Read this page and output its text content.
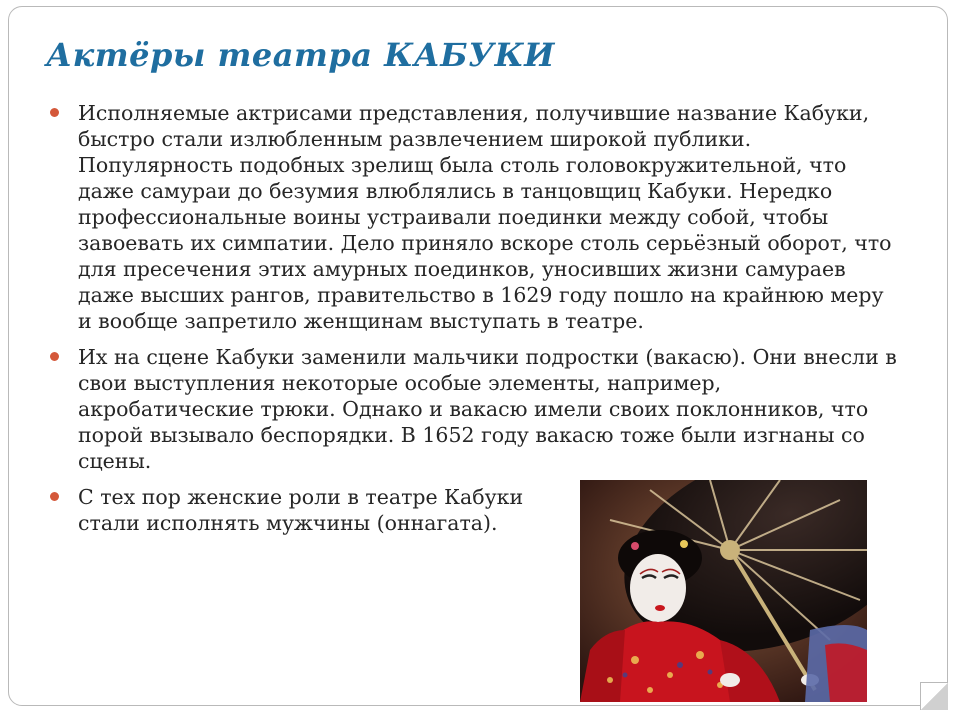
Актёры театра КАБУКИ
Исполняемые актрисами представления, получившие название Кабуки, быстро стали излюбленным развлечением широкой публики. Популярность подобных зрелищ была столь головокружительной, что даже самураи до безумия влюблялись в танцовщиц Кабуки. Нередко профессиональные воины устраивали поединки между собой, чтобы завоевать их симпатии. Дело приняло вскоре столь серьёзный оборот, что для пресечения этих амурных поединков, уносивших жизни самураев даже высших рангов, правительство в 1629 году пошло на крайнюю меру и вообще запретило женщинам выступать в театре.
Их на сцене Кабуки заменили мальчики подростки (вакасю). Они внесли в свои выступления некоторые особые элементы, например, акробатические трюки. Однако и вакасю имели своих поклонников, что порой вызывало беспорядки. В 1652 году вакасю тоже были изгнаны со сцены.
С тех пор женские роли в театре Кабуки стали исполнять мужчины (оннагата).
